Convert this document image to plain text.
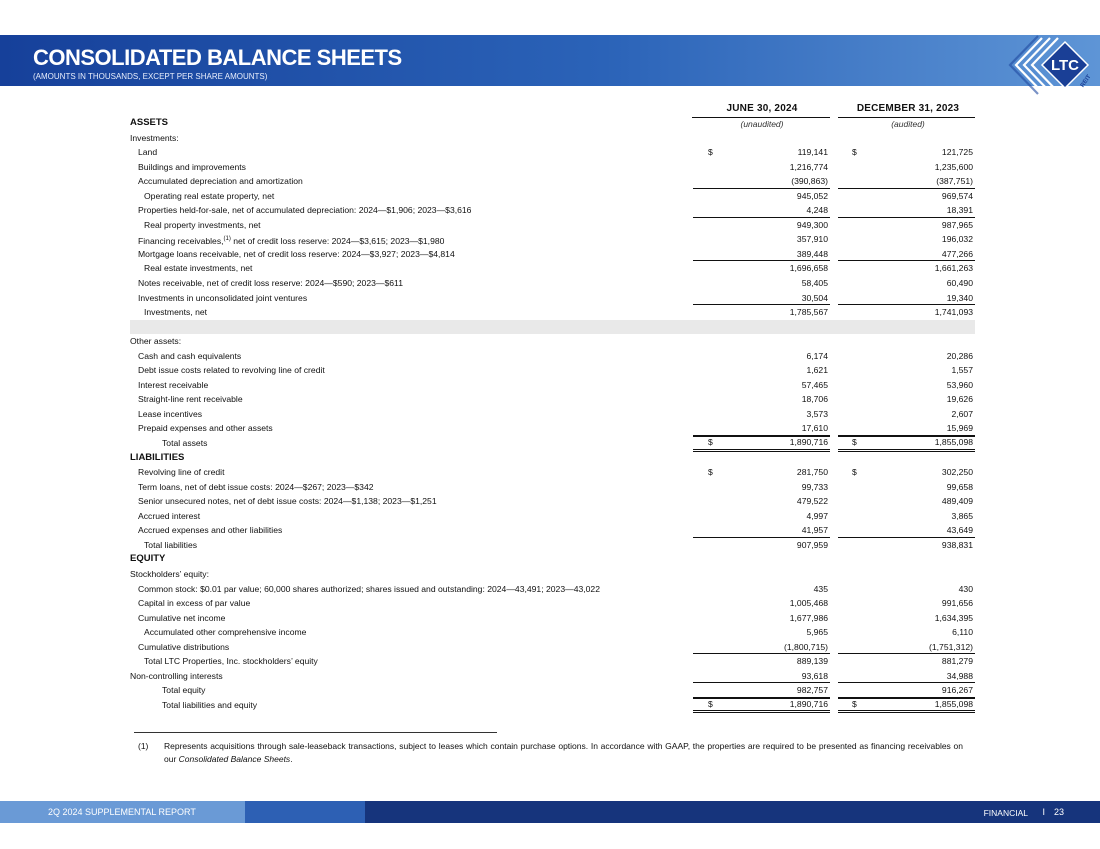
CONSOLIDATED BALANCE SHEETS
(AMOUNTS IN THOUSANDS, EXCEPT PER SHARE AMOUNTS)
LTC
REIT
JUNE 30, 2024
(unaudited)
DECEMBER 31, 2023
(audited)
ASSETS
Investments:
Land	$	119,141	$	121,725
Buildings and improvements	1,216,774	1,235,600
Accumulated depreciation and amortization	(390,863)	(387,751)
Operating real estate property, net	945,052	969,574
Properties held-for-sale, net of accumulated depreciation: 2024—$1,906; 2023—$3,616	4,248	18,391
Real property investments, net	949,300	987,965
Financing receivables,$^{(1)}$ net of credit loss reserve: 2024—$3,615; 2023—$1,980	357,910	196,032
Mortgage loans receivable, net of credit loss reserve: 2024—$3,927; 2023—$4,814	389,448	477,266
Real estate investments, net	1,696,658	1,661,263
Notes receivable, net of credit loss reserve: 2024—$590; 2023—$611	58,405	60,490
Investments in unconsolidated joint ventures	30,504	19,340
Investments, net	1,785,567	1,741,093
Other assets:
Cash and cash equivalents	6,174	20,286
Debt issue costs related to revolving line of credit	1,621	1,557
Interest receivable	57,465	53,960
Straight-line rent receivable	18,706	19,626
Lease incentives	3,573	2,607
Prepaid expenses and other assets	17,610	15,969
Total assets	$	1,890,716	$	1,855,098
LIABILITIES
Revolving line of credit	$	281,750	$	302,250
Term loans, net of debt issue costs: 2024—$267; 2023—$342	99,733	99,658
Senior unsecured notes, net of debt issue costs: 2024—$1,138; 2023—$1,251	479,522	489,409
Accrued interest	4,997	3,865
Accrued expenses and other liabilities	41,957	43,649
Total liabilities	907,959	938,831
EQUITY
Stockholders’ equity:
Common stock: $0.01 par value; 60,000 shares authorized; shares issued and outstanding: 2024—43,491; 2023—43,022	435	430
Capital in excess of par value	1,005,468	991,656
Cumulative net income	1,677,986	1,634,395
Accumulated other comprehensive income	5,965	6,110
Cumulative distributions	(1,800,715)	(1,751,312)
Total LTC Properties, Inc. stockholders’ equity	889,139	881,279
Non-controlling interests	93,618	34,988
Total equity	982,757	916,267
Total liabilities and equity	$	1,890,716	$	1,855,098
(1) Represents acquisitions through sale-leaseback transactions, subject to leases which contain purchase options. In accordance with GAAP, the properties are required to be presented as financing receivables on our Consolidated Balance Sheets.
2Q 2024 SUPPLEMENTAL REPORT	FINANCIAL I 23
